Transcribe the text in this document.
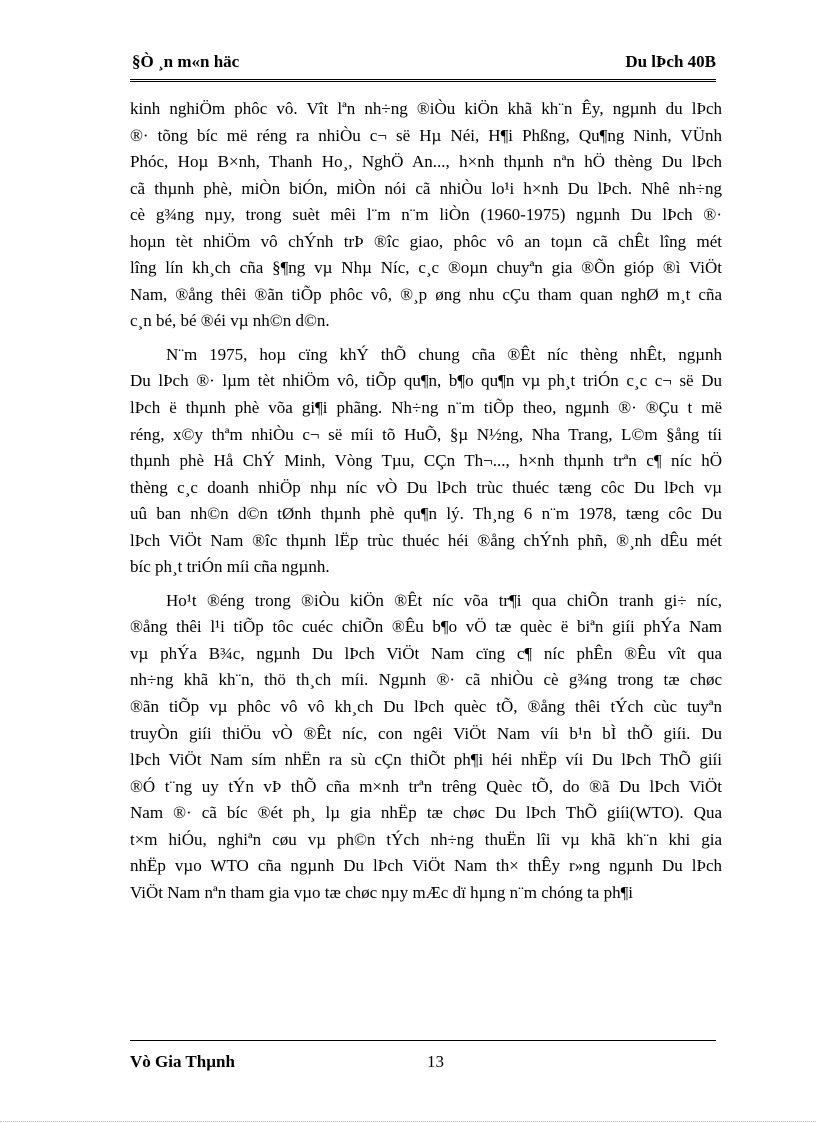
§Ò ¸n m«n häc	Du lÞch 40B
kinh nghiÖm phôc vô. Vît lªn nh÷ng ®iÒu kiÖn khã kh¨n Êy, ngµnh du lÞch
®· tõng bíc më réng ra nhiÒu c¬ së Hµ Néi, H¶i Phßng, Qu¶ng Ninh, VÜnh
Phóc, Hoµ B×nh, Thanh Ho¸, NghÖ An..., h×nh thµnh nªn hÖ thèng Du lÞch
cã thµnh phè, miÒn biÓn, miÒn nói cã nhiÒu lo¹i h×nh Du lÞch. Nhê nh÷ng
cè g¾ng nµy, trong suèt mêi l¨m n¨m liÒn (1960-1975) ngµnh Du lÞch ®·
hoµn tèt nhiÖm vô chÝnh trÞ ®îc giao, phôc vô an toµn cã chÊt lîng mét
lîng lín kh¸ch cña §¶ng vµ Nhµ Níc, c¸c ®oµn chuyªn gia ®Õn gióp ®ì ViÖt
Nam, ®ång thêi ®ãn tiÕp phôc vô, ®¸p øng nhu cÇu tham quan nghØ m¸t cña
c¸n bé, bé ®éi vµ nh©n d©n.
N¨m 1975, hoµ cïng khÝ thÕ chung cña ®Êt níc thèng nhÊt, ngµnh
Du lÞch ®· lµm tèt nhiÖm vô, tiÕp qu¶n, b¶o qu¶n vµ ph¸t triÓn c¸c c¬ së Du
lÞch ë thµnh phè võa gi¶i phãng. Nh÷ng n¨m tiÕp theo, ngµnh ®· ®Çu t më
réng, x©y thªm nhiÒu c¬ së míi tõ HuÕ, §µ N½ng, Nha Trang, L©m §ång tíi
thµnh phè Hå ChÝ Minh, Vòng Tµu, CÇn Th¬..., h×nh thµnh trªn c¶ níc hÖ
thèng c¸c doanh nhiÖp nhµ níc vÒ Du lÞch trùc thuéc tæng côc Du lÞch vµ
uû ban nh©n d©n tØnh thµnh phè qu¶n lý. Th¸ng 6 n¨m 1978, tæng côc Du
lÞch ViÖt Nam ®îc thµnh lËp trùc thuéc héi ®ång chÝnh phñ, ®¸nh dÊu mét
bíc ph¸t triÓn míi cña ngµnh.
Ho¹t ®éng trong ®iÒu kiÖn ®Êt níc võa tr¶i qua chiÕn tranh gi÷ níc,
®ång thêi l¹i tiÕp tôc cuéc chiÕn ®Êu b¶o vÖ tæ quèc ë biªn giíi phÝa Nam
vµ phÝa B¾c, ngµnh Du lÞch ViÖt Nam cïng c¶ níc phÊn ®Êu vît qua
nh÷ng khã kh¨n, thö th¸ch míi. Ngµnh ®· cã nhiÒu cè g¾ng trong tæ chøc
®ãn tiÕp vµ phôc vô vô kh¸ch Du lÞch quèc tÕ, ®ång thêi tÝch cùc tuyªn
truyÒn giíi thiÖu vÒ ®Êt níc, con ngêi ViÖt Nam víi b¹n bÌ thÕ giíi. Du
lÞch ViÖt Nam sím nhËn ra sù cÇn thiÕt ph¶i héi nhËp víi Du lÞch ThÕ giíi
®Ó t¨ng uy tÝn vÞ thÕ cña m×nh trªn trêng Quèc tÕ, do ®ã Du lÞch ViÖt
Nam ®· cã bíc ®ét ph¸ lµ gia nhËp tæ chøc Du lÞch ThÕ giíi(WTO). Qua
t×m hiÓu, nghiªn cøu vµ ph©n tÝch nh÷ng thuËn lîi vµ khã kh¨n khi gia
nhËp vµo WTO cña ngµnh Du lÞch ViÖt Nam th× thÊy r»ng ngµnh Du lÞch
ViÖt Nam nªn tham gia vµo tæ chøc nµy mÆc dï hµng n¨m chóng ta ph¶i
Vò Gia Thµnh	13
